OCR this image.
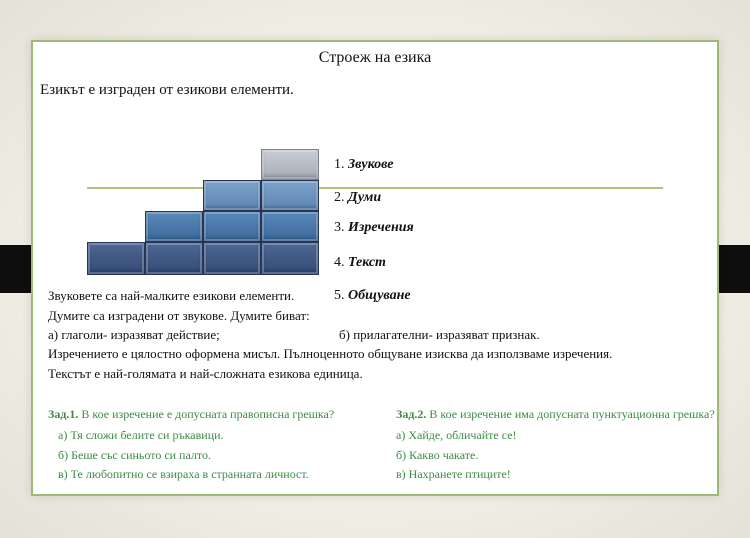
Строеж на езика
Езикът е изграден от езикови елементи.
1. Звукове
2. Думи
3. Изречения
4. Текст
5. Общуване
Звуковете са най-малките езикови елементи.
Думите са изградени от звукове. Думите биват:
а) глаголи- изразяват действие;	б) прилагателни- изразяват признак.
Изречението е цялостно оформена мисъл. Пълноценното общуване изисква да използваме изречения.
Текстът е най-голямата и най-сложната езикова единица.
Зад.1. В кое изречение е допусната правописна грешка?
а) Тя сложи белите си ръкавици.
б) Беше със синьото си палто.
в) Те любопитно се взираха в странната личност.
Зад.2. В кое изречение има допусната пунктуационна грешка?
а) Хайде, обличайте се!
б) Какво чакате.
в) Нахранете птиците!
